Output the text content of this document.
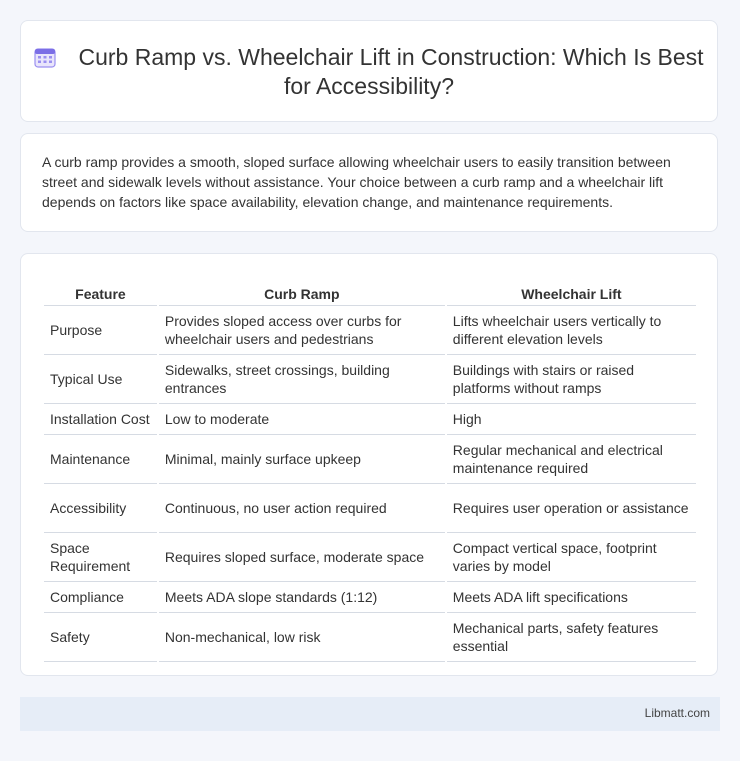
Curb Ramp vs. Wheelchair Lift in Construction: Which Is Best for Accessibility?
A curb ramp provides a smooth, sloped surface allowing wheelchair users to easily transition between street and sidewalk levels without assistance. Your choice between a curb ramp and a wheelchair lift depends on factors like space availability, elevation change, and maintenance requirements.
Feature	Curb Ramp	Wheelchair Lift
Purpose	Provides sloped access over curbs for wheelchair users and pedestrians	Lifts wheelchair users vertically to different elevation levels
Typical Use	Sidewalks, street crossings, building entrances	Buildings with stairs or raised platforms without ramps
Installation Cost	Low to moderate	High
Maintenance	Minimal, mainly surface upkeep	Regular mechanical and electrical maintenance required
Accessibility	Continuous, no user action required	Requires user operation or assistance
Space Requirement	Requires sloped surface, moderate space	Compact vertical space, footprint varies by model
Compliance	Meets ADA slope standards (1:12)	Meets ADA lift specifications
Safety	Non-mechanical, low risk	Mechanical parts, safety features essential
Libmatt.com
